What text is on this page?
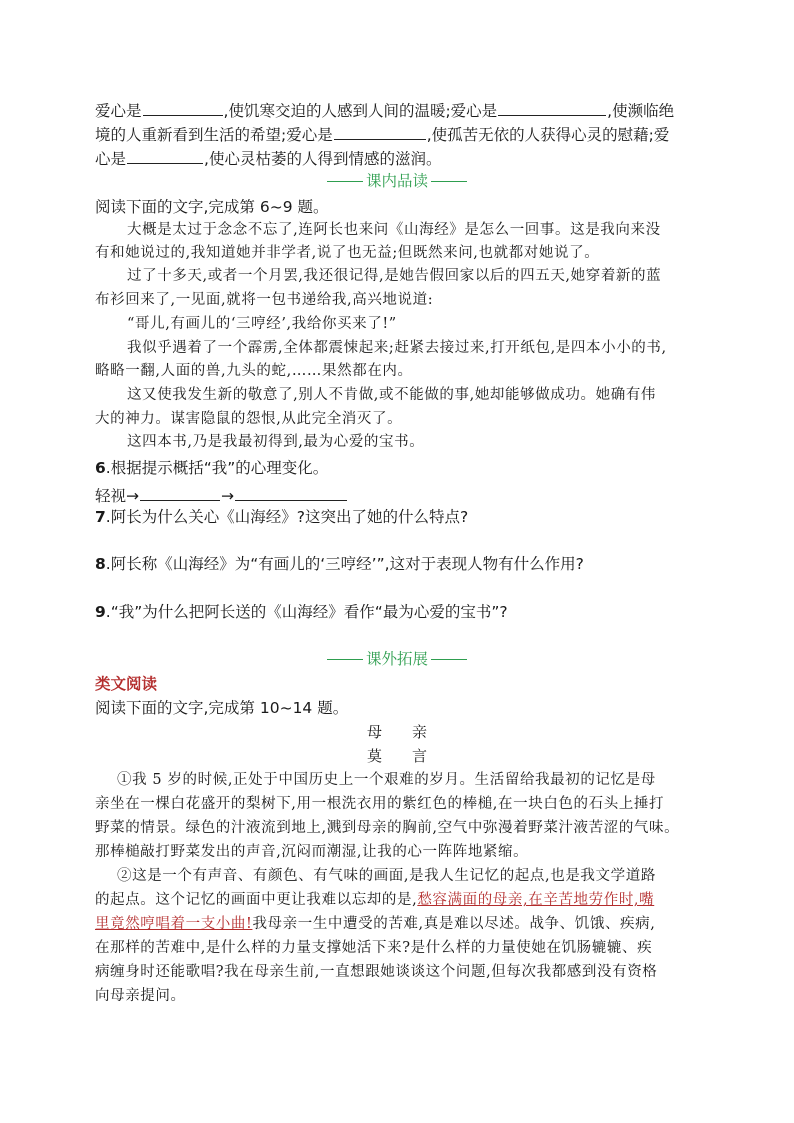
爱心是	,使饥寒交迫的人感到人间的温暖;爱心是	,使濒临绝
境的人重新看到生活的希望;爱心是	,使孤苦无依的人获得心灵的慰藉;爱
心是	,使心灵枯萎的人得到情感的滋润。
课内品读
阅读下面的文字,完成第 6~9 题。
大概是太过于念念不忘了,连阿长也来问《山海经》是怎么一回事。这是我向来没
有和她说过的,我知道她并非学者,说了也无益;但既然来问,也就都对她说了。
过了十多天,或者一个月罢,我还很记得,是她告假回家以后的四五天,她穿着新的蓝
布衫回来了,一见面,就将一包书递给我,高兴地说道:
“哥儿,有画儿的‘三哼经’,我给你买来了!”
我似乎遇着了一个霹雳,全体都震悚起来;赶紧去接过来,打开纸包,是四本小小的书,
略略一翻,人面的兽,九头的蛇,……果然都在内。
这又使我发生新的敬意了,别人不肯做,或不能做的事,她却能够做成功。她确有伟
大的神力。谋害隐鼠的怨恨,从此完全消灭了。
这四本书,乃是我最初得到,最为心爱的宝书。
6.根据提示概括“我”的心理变化。
轻视→	→
7.阿长为什么关心《山海经》?这突出了她的什么特点?
8.阿长称《山海经》为“有画儿的‘三哼经’”,这对于表现人物有什么作用?
9.“我”为什么把阿长送的《山海经》看作“最为心爱的宝书”?
课外拓展
类文阅读
阅读下面的文字,完成第 10~14 题。
母　　亲
莫　　言
①我 5 岁的时候,正处于中国历史上一个艰难的岁月。生活留给我最初的记忆是母
亲坐在一棵白花盛开的梨树下,用一根洗衣用的紫红色的棒槌,在一块白色的石头上捶打
野菜的情景。绿色的汁液流到地上,溅到母亲的胸前,空气中弥漫着野菜汁液苦涩的气味。
那棒槌敲打野菜发出的声音,沉闷而潮湿,让我的心一阵阵地紧缩。
②这是一个有声音、有颜色、有气味的画面,是我人生记忆的起点,也是我文学道路
的起点。这个记忆的画面中更让我难以忘却的是,愁容满面的母亲,在辛苦地劳作时,嘴
里竟然哼唱着一支小曲!我母亲一生中遭受的苦难,真是难以尽述。战争、饥饿、疾病,
在那样的苦难中,是什么样的力量支撑她活下来?是什么样的力量使她在饥肠辘辘、疾
病缠身时还能歌唱?我在母亲生前,一直想跟她谈谈这个问题,但每次我都感到没有资格
向母亲提问。
